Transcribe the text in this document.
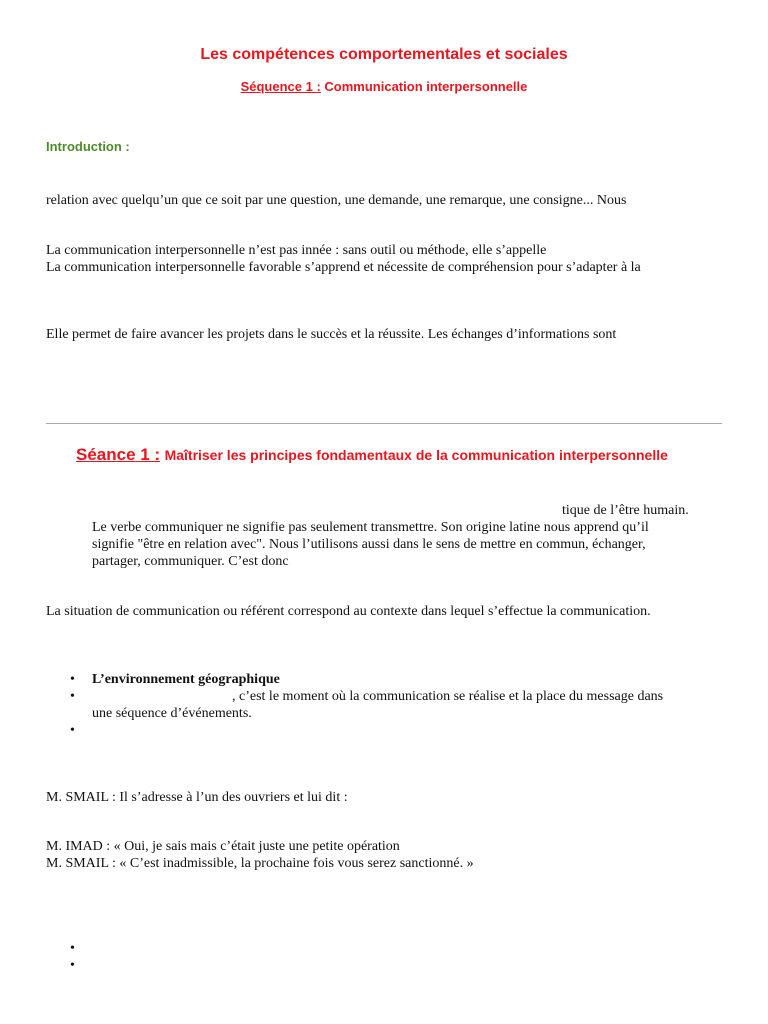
Les compétences comportementales et sociales
Séquence 1 : Communication interpersonnelle
Introduction :
relation avec quelqu’un que ce soit par une question, une demande, une remarque, une consigne... Nous
La communication interpersonnelle n’est pas innée : sans outil ou méthode, elle s’appelle
La communication interpersonnelle favorable s’apprend et nécessite de compréhension pour s’adapter à la
Elle permet de faire avancer les projets dans le succès et la réussite. Les échanges d’informations sont
Séance 1 : Maîtriser les principes fondamentaux de la communication interpersonnelle
tique de l’être humain.
Le verbe communiquer ne signifie pas seulement transmettre. Son origine latine nous apprend qu’il
signifie "être en relation avec". Nous l’utilisons aussi dans le sens de mettre en commun, échanger,
partager, communiquer. C’est donc
La situation de communication ou référent correspond au contexte dans lequel s’effectue la communication.
• L’environnement géographique
•	, c’est le moment où la communication se réalise et la place du message dans
une séquence d’événements.
•
M. SMAIL : Il s’adresse à l’un des ouvriers et lui dit :
M. IMAD : « Oui, je sais mais c’était juste une petite opération
M. SMAIL : « C’est inadmissible, la prochaine fois vous serez sanctionné. »
•
•
